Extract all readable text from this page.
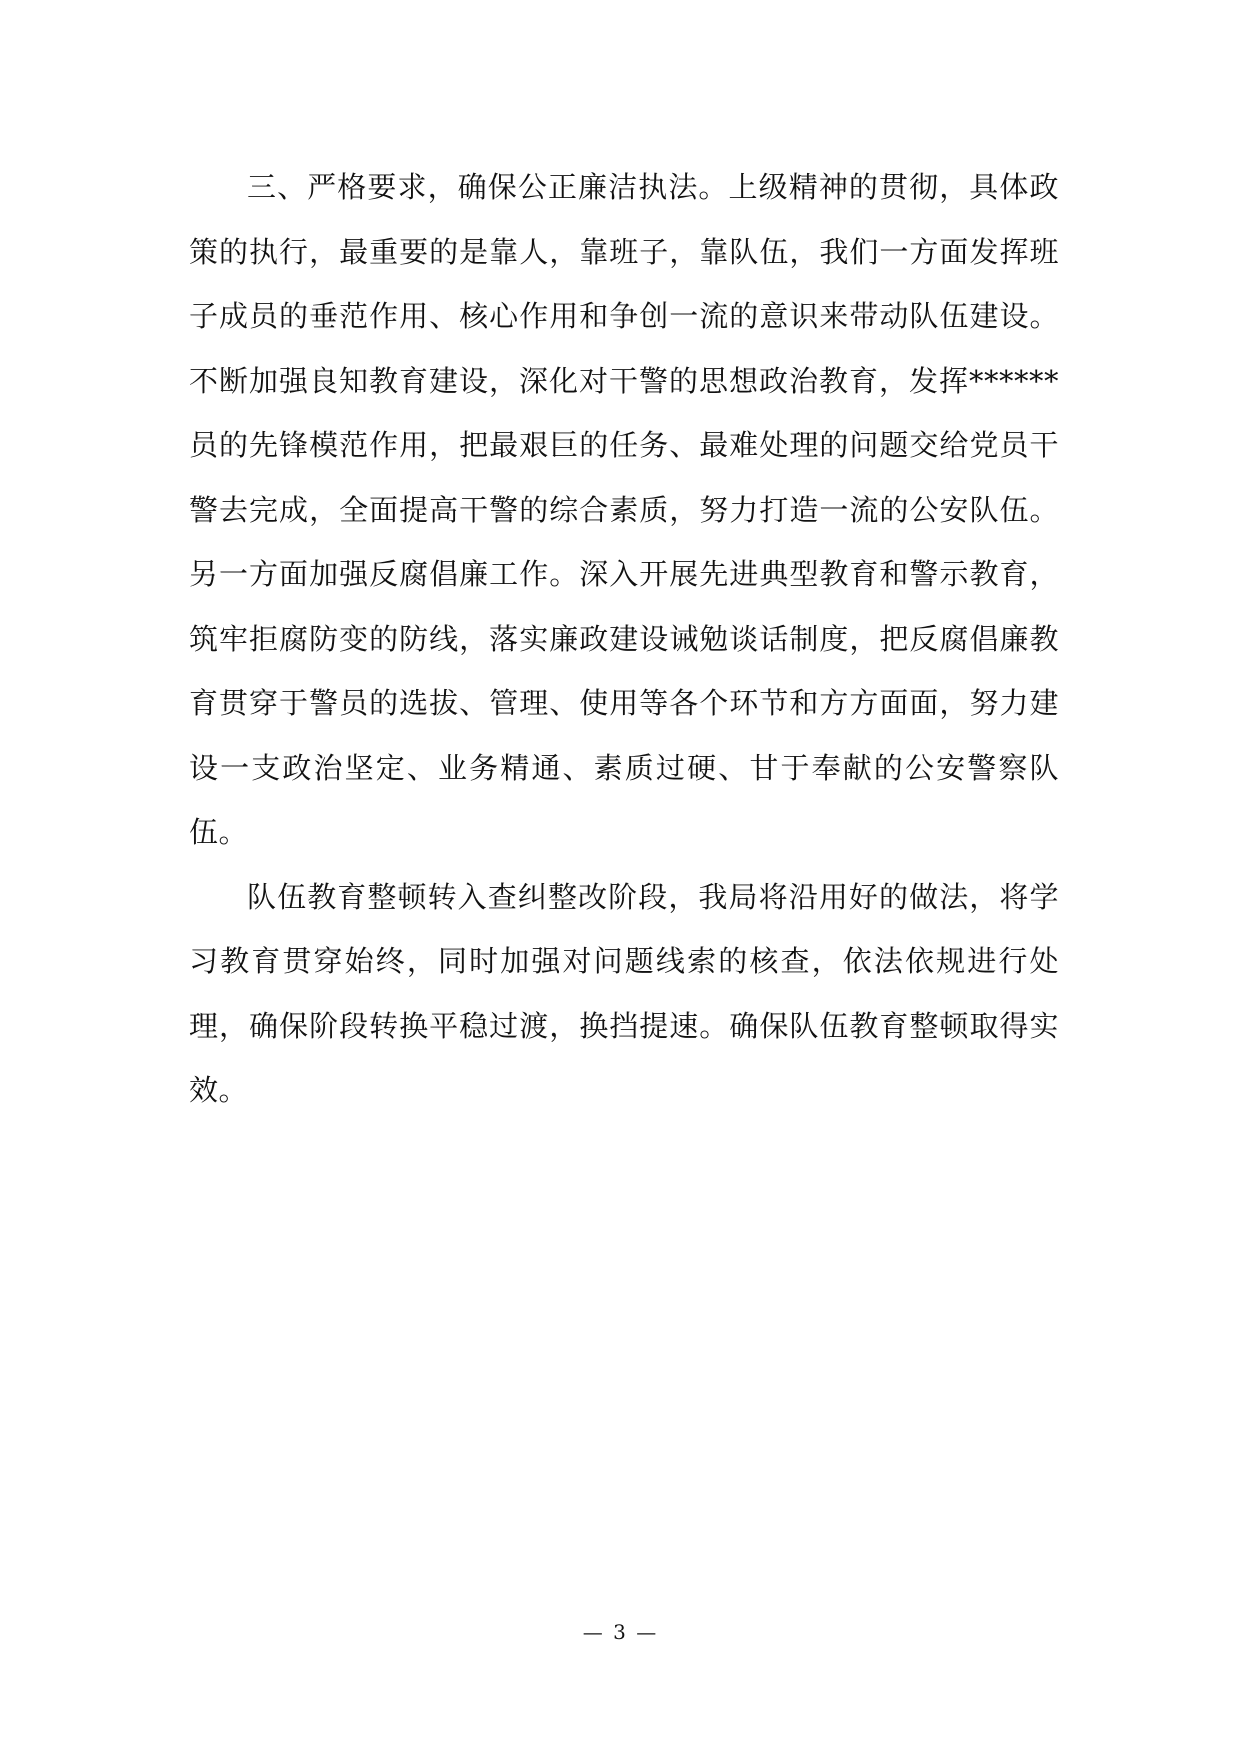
三、严格要求，确保公正廉洁执法。上级精神的贯彻，具体政策的执行，最重要的是靠人，靠班子，靠队伍，我们一方面发挥班子成员的垂范作用、核心作用和争创一流的意识来带动队伍建设。不断加强良知教育建设，深化对干警的思想政治教育，发挥******员的先锋模范作用，把最艰巨的任务、最难处理的问题交给党员干警去完成，全面提高干警的综合素质，努力打造一流的公安队伍。另一方面加强反腐倡廉工作。深入开展先进典型教育和警示教育，筑牢拒腐防变的防线，落实廉政建设诫勉谈话制度，把反腐倡廉教育贯穿于警员的选拔、管理、使用等各个环节和方方面面，努力建设一支政治坚定、业务精通、素质过硬、甘于奉献的公安警察队伍。

队伍教育整顿转入查纠整改阶段，我局将沿用好的做法，将学习教育贯穿始终，同时加强对问题线索的核查，依法依规进行处理，确保阶段转换平稳过渡，换挡提速。确保队伍教育整顿取得实效。

— 3 —
